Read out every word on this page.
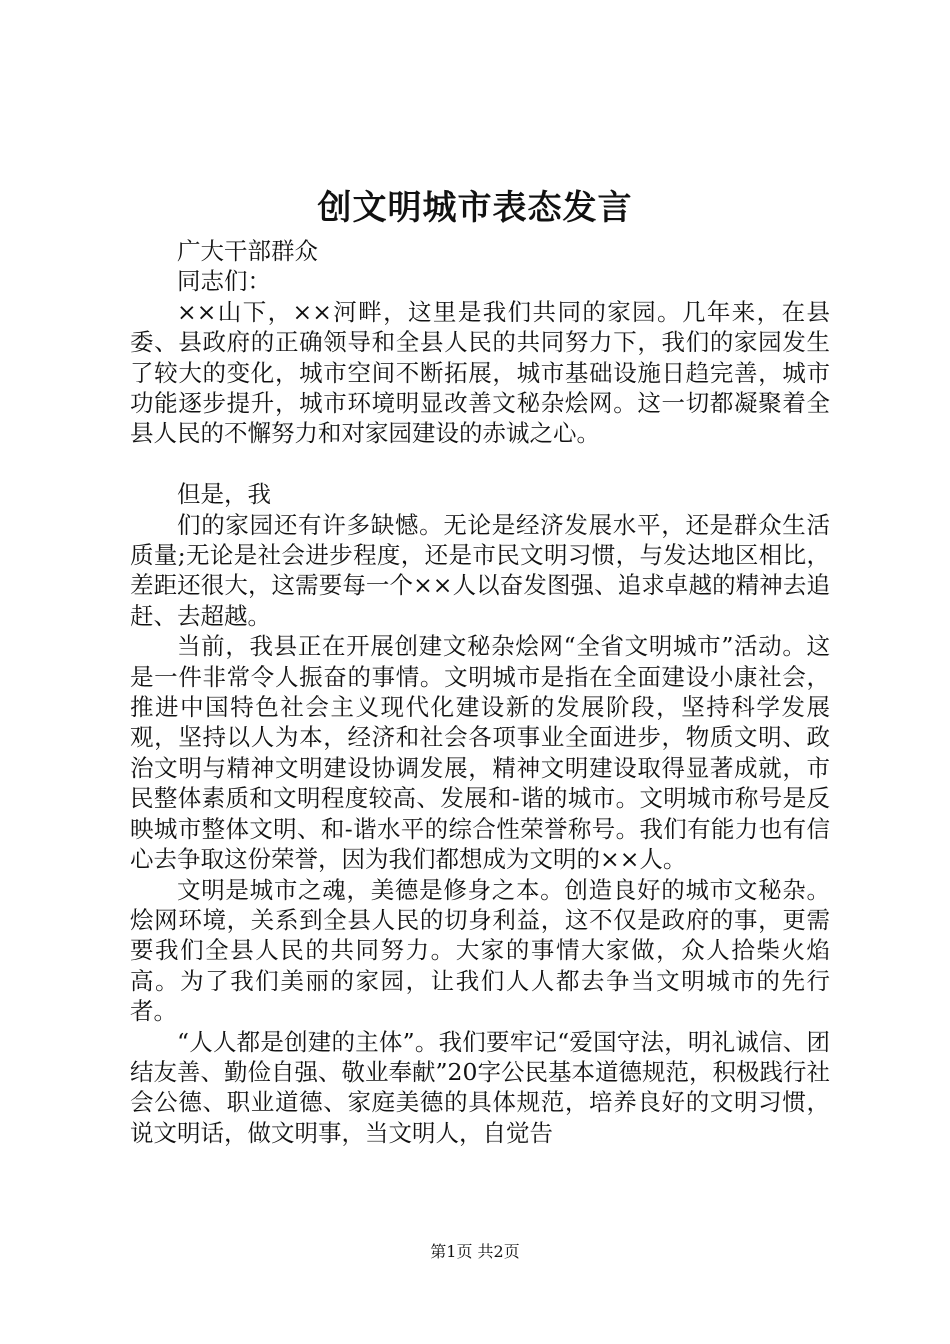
创文明城市表态发言

广大干部群众

同志们：

××山下，××河畔，这里是我们共同的家园。几年来，在县委、县政府的正确领导和全县人民的共同努力下，我们的家园发生了较大的变化，城市空间不断拓展，城市基础设施日趋完善，城市功能逐步提升，城市环境明显改善文秘杂烩网。这一切都凝聚着全县人民的不懈努力和对家园建设的赤诚之心。

但是，我

们的家园还有许多缺憾。无论是经济发展水平，还是群众生活质量;无论是社会进步程度，还是市民文明习惯，与发达地区相比，差距还很大，这需要每一个××人以奋发图强、追求卓越的精神去追赶、去超越。

当前，我县正在开展创建文秘杂烩网“全省文明城市”活动。这是一件非常令人振奋的事情。文明城市是指在全面建设小康社会，推进中国特色社会主义现代化建设新的发展阶段，坚持科学发展观，坚持以人为本，经济和社会各项事业全面进步，物质文明、政治文明与精神文明建设协调发展，精神文明建设取得显著成就，市民整体素质和文明程度较高、发展和-谐的城市。文明城市称号是反映城市整体文明、和-谐水平的综合性荣誉称号。我们有能力也有信心去争取这份荣誉，因为我们都想成为文明的××人。

文明是城市之魂，美德是修身之本。创造良好的城市文秘杂。烩网环境，关系到全县人民的切身利益，这不仅是政府的事，更需要我们全县人民的共同努力。大家的事情大家做，众人拾柴火焰高。为了我们美丽的家园，让我们人人都去争当文明城市的先行者。

“人人都是创建的主体”。我们要牢记“爱国守法，明礼诚信、团结友善、勤俭自强、敬业奉献”20字公民基本道德规范，积极践行社会公德、职业道德、家庭美德的具体规范，培养良好的文明习惯，说文明话，做文明事，当文明人，自觉告

第1页 共2页
